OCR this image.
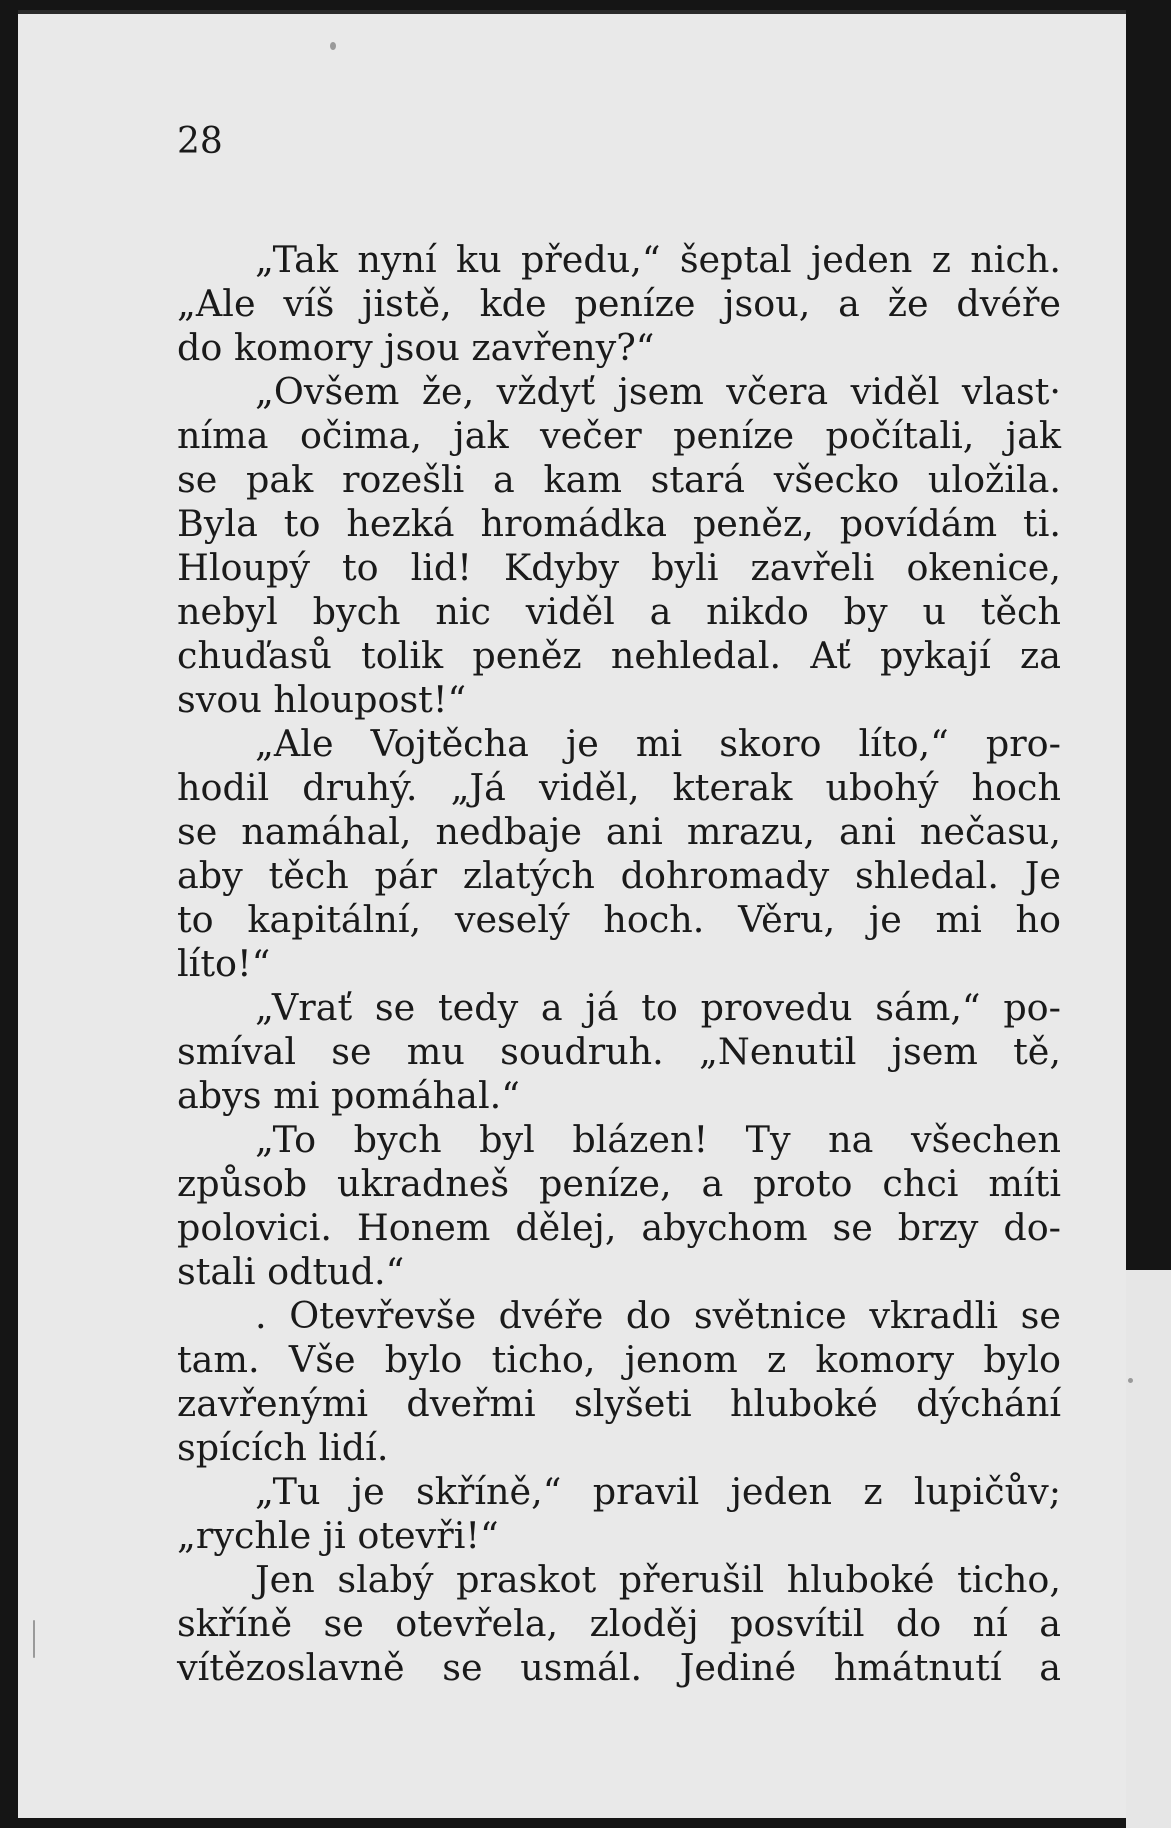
28
„Tak nyní ku předu,“ šeptal jeden z nich.
„Ale víš jistě, kde peníze jsou, a že dvéře
do komory jsou zavřeny?“
„Ovšem že, vždyť jsem včera viděl vlast·
níma očima, jak večer peníze počítali, jak
se pak rozešli a kam stará všecko uložila.
Byla to hezká hromádka peněz, povídám ti.
Hloupý to lid! Kdyby byli zavřeli okenice,
nebyl bych nic viděl a nikdo by u těch
chuďasů tolik peněz nehledal. Ať pykají za
svou hloupost!“
„Ale Vojtěcha je mi skoro líto,“ pro-
hodil druhý. „Já viděl, kterak ubohý hoch
se namáhal, nedbaje ani mrazu, ani nečasu,
aby těch pár zlatých dohromady shledal. Je
to kapitální, veselý hoch. Věru, je mi ho
líto!“
„Vrať se tedy a já to provedu sám,“ po-
smíval se mu soudruh. „Nenutil jsem tě,
abys mi pomáhal.“
„To bych byl blázen! Ty na všechen
způsob ukradneš peníze, a proto chci míti
polovici. Honem dělej, abychom se brzy do-
stali odtud.“
. Otevřevše dvéře do světnice vkradli se
tam. Vše bylo ticho, jenom z komory bylo
zavřenými dveřmi slyšeti hluboké dýchání
spících lidí.
„Tu je skříně,“ pravil jeden z lupičův;
„rychle ji otevři!“
Jen slabý praskot přerušil hluboké ticho,
skříně se otevřela, zloděj posvítil do ní a
vítězoslavně se usmál. Jediné hmátnutí a
